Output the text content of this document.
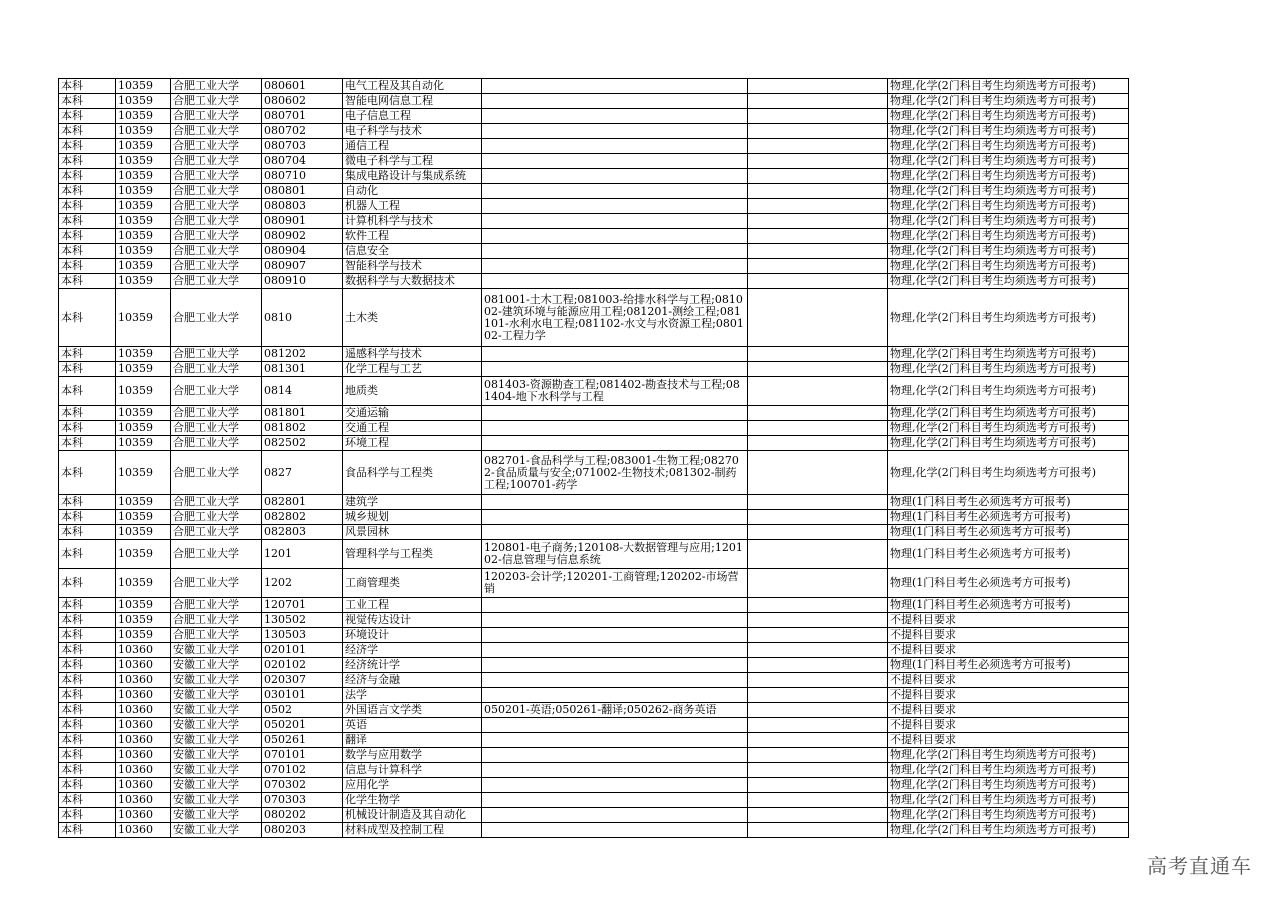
本科	10359	合肥工业大学	080601	电气工程及其自动化			物理,化学(2门科目考生均须选考方可报考)
本科	10359	合肥工业大学	080602	智能电网信息工程			物理,化学(2门科目考生均须选考方可报考)
本科	10359	合肥工业大学	080701	电子信息工程			物理,化学(2门科目考生均须选考方可报考)
本科	10359	合肥工业大学	080702	电子科学与技术			物理,化学(2门科目考生均须选考方可报考)
本科	10359	合肥工业大学	080703	通信工程			物理,化学(2门科目考生均须选考方可报考)
本科	10359	合肥工业大学	080704	微电子科学与工程			物理,化学(2门科目考生均须选考方可报考)
本科	10359	合肥工业大学	080710	集成电路设计与集成系统			物理,化学(2门科目考生均须选考方可报考)
本科	10359	合肥工业大学	080801	自动化			物理,化学(2门科目考生均须选考方可报考)
本科	10359	合肥工业大学	080803	机器人工程			物理,化学(2门科目考生均须选考方可报考)
本科	10359	合肥工业大学	080901	计算机科学与技术			物理,化学(2门科目考生均须选考方可报考)
本科	10359	合肥工业大学	080902	软件工程			物理,化学(2门科目考生均须选考方可报考)
本科	10359	合肥工业大学	080904	信息安全			物理,化学(2门科目考生均须选考方可报考)
本科	10359	合肥工业大学	080907	智能科学与技术			物理,化学(2门科目考生均须选考方可报考)
本科	10359	合肥工业大学	080910	数据科学与大数据技术			物理,化学(2门科目考生均须选考方可报考)
本科	10359	合肥工业大学	0810	土木类	081001-土木工程;081003-给排水科学与工程;081002-建筑环境与能源应用工程;081201-测绘工程;081101-水利水电工程;081102-水文与水资源工程;080102-工程力学		物理,化学(2门科目考生均须选考方可报考)
本科	10359	合肥工业大学	081202	遥感科学与技术			物理,化学(2门科目考生均须选考方可报考)
本科	10359	合肥工业大学	081301	化学工程与工艺			物理,化学(2门科目考生均须选考方可报考)
本科	10359	合肥工业大学	0814	地质类	081403-资源勘查工程;081402-勘查技术与工程;081404-地下水科学与工程		物理,化学(2门科目考生均须选考方可报考)
本科	10359	合肥工业大学	081801	交通运输			物理,化学(2门科目考生均须选考方可报考)
本科	10359	合肥工业大学	081802	交通工程			物理,化学(2门科目考生均须选考方可报考)
本科	10359	合肥工业大学	082502	环境工程			物理,化学(2门科目考生均须选考方可报考)
本科	10359	合肥工业大学	0827	食品科学与工程类	082701-食品科学与工程;083001-生物工程;082702-食品质量与安全;071002-生物技术;081302-制药工程;100701-药学		物理,化学(2门科目考生均须选考方可报考)
本科	10359	合肥工业大学	082801	建筑学			物理(1门科目考生必须选考方可报考)
本科	10359	合肥工业大学	082802	城乡规划			物理(1门科目考生必须选考方可报考)
本科	10359	合肥工业大学	082803	风景园林			物理(1门科目考生必须选考方可报考)
本科	10359	合肥工业大学	1201	管理科学与工程类	120801-电子商务;120108-大数据管理与应用;120102-信息管理与信息系统		物理(1门科目考生必须选考方可报考)
本科	10359	合肥工业大学	1202	工商管理类	120203-会计学;120201-工商管理;120202-市场营销		物理(1门科目考生必须选考方可报考)
本科	10359	合肥工业大学	120701	工业工程			物理(1门科目考生必须选考方可报考)
本科	10359	合肥工业大学	130502	视觉传达设计			不提科目要求
本科	10359	合肥工业大学	130503	环境设计			不提科目要求
本科	10360	安徽工业大学	020101	经济学			不提科目要求
本科	10360	安徽工业大学	020102	经济统计学			物理(1门科目考生必须选考方可报考)
本科	10360	安徽工业大学	020307	经济与金融			不提科目要求
本科	10360	安徽工业大学	030101	法学			不提科目要求
本科	10360	安徽工业大学	0502	外国语言文学类	050201-英语;050261-翻译;050262-商务英语		不提科目要求
本科	10360	安徽工业大学	050201	英语			不提科目要求
本科	10360	安徽工业大学	050261	翻译			不提科目要求
本科	10360	安徽工业大学	070101	数学与应用数学			物理,化学(2门科目考生均须选考方可报考)
本科	10360	安徽工业大学	070102	信息与计算科学			物理,化学(2门科目考生均须选考方可报考)
本科	10360	安徽工业大学	070302	应用化学			物理,化学(2门科目考生均须选考方可报考)
本科	10360	安徽工业大学	070303	化学生物学			物理,化学(2门科目考生均须选考方可报考)
本科	10360	安徽工业大学	080202	机械设计制造及其自动化			物理,化学(2门科目考生均须选考方可报考)
本科	10360	安徽工业大学	080203	材料成型及控制工程			物理,化学(2门科目考生均须选考方可报考)
高考直通车
